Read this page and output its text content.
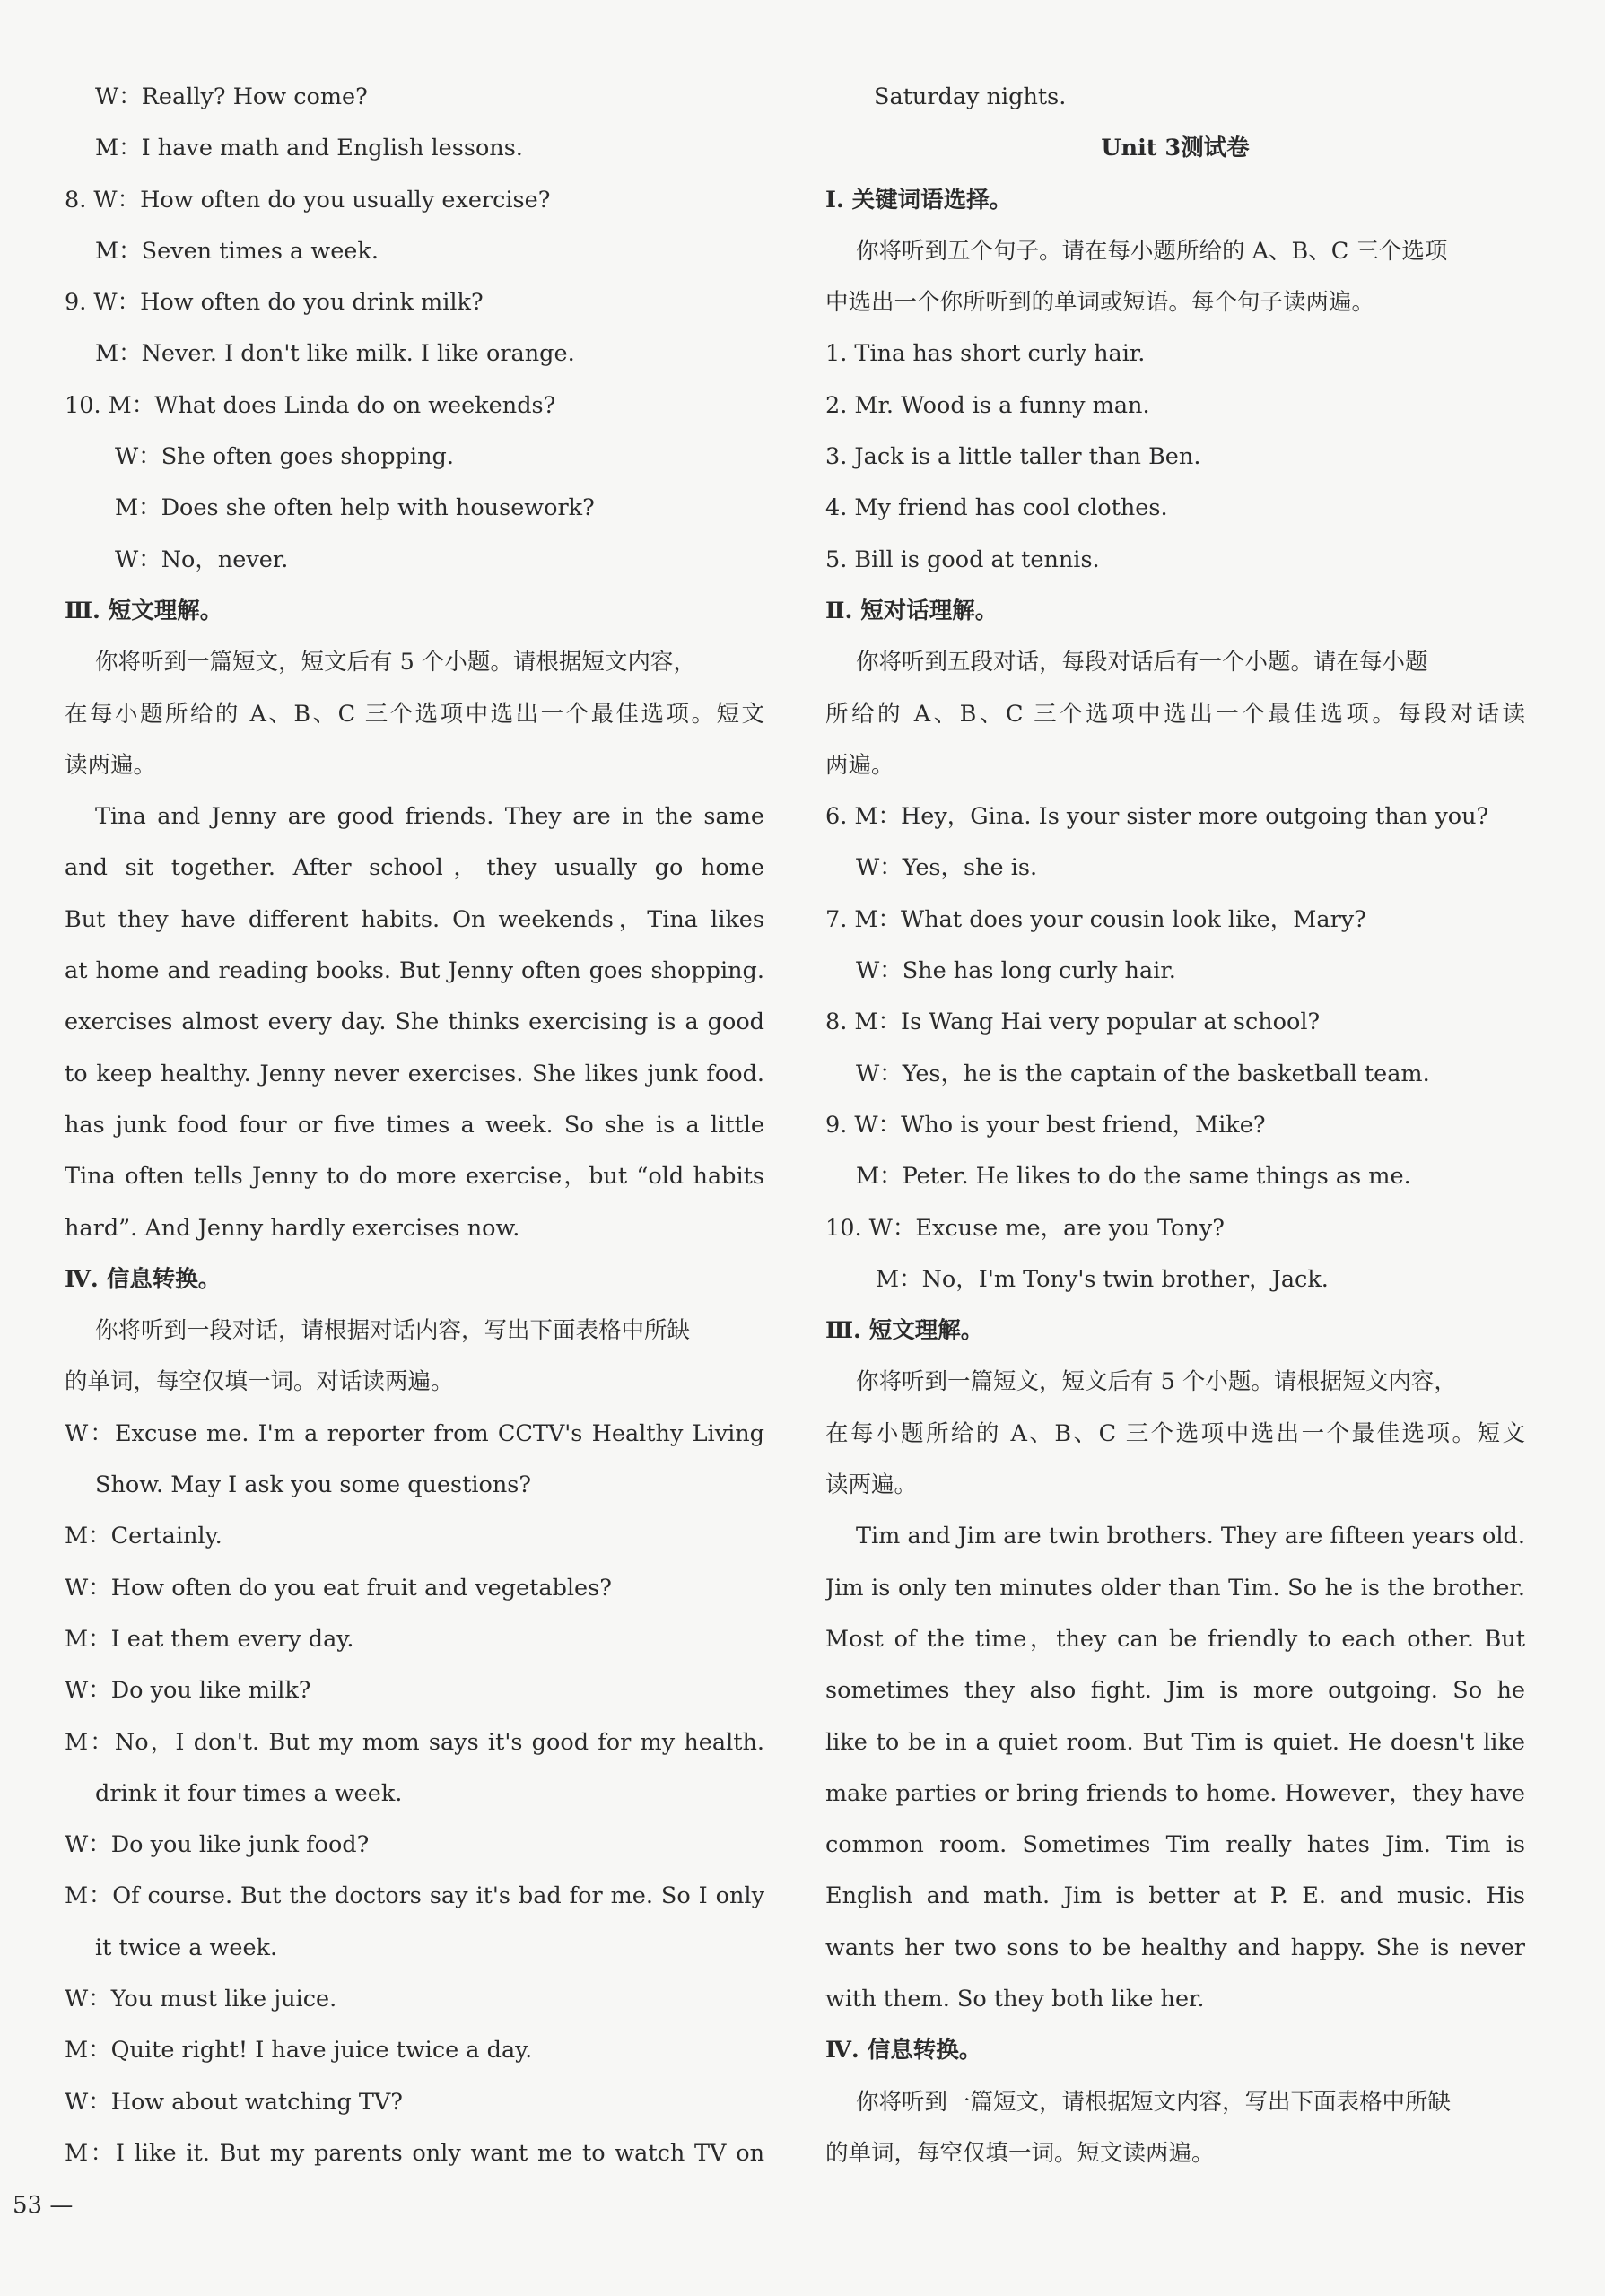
W：Really? How come?
M：I have math and English lessons.
8. W：How often do you usually exercise?
M：Seven times a week.
9. W：How often do you drink milk?
M：Never. I don't like milk. I like orange.
10. M：What does Linda do on weekends?
W：She often goes shopping.
M：Does she often help with housework?
W：No，never.
Ⅲ. 短文理解。
你将听到一篇短文，短文后有 5 个小题。请根据短文内容，
在每小题所给的 A、B、C 三个选项中选出一个最佳选项。短文
读两遍。
Tina and Jenny are good friends. They are in the same
and sit together. After school，they usually go home
But they have different habits. On weekends，Tina likes
at home and reading books. But Jenny often goes shopping.
exercises almost every day. She thinks exercising is a good
to keep healthy. Jenny never exercises. She likes junk food.
has junk food four or five times a week. So she is a little
Tina often tells Jenny to do more exercise，but “old habits
hard”. And Jenny hardly exercises now.
Ⅳ. 信息转换。
你将听到一段对话，请根据对话内容，写出下面表格中所缺
的单词，每空仅填一词。对话读两遍。
W：Excuse me. I'm a reporter from CCTV's Healthy Living
Show. May I ask you some questions?
M：Certainly.
W：How often do you eat fruit and vegetables?
M：I eat them every day.
W：Do you like milk?
M：No，I don't. But my mom says it's good for my health.
drink it four times a week.
W：Do you like junk food?
M：Of course. But the doctors say it's bad for me. So I only
it twice a week.
W：You must like juice.
M：Quite right! I have juice twice a day.
W：How about watching TV?
M：I like it. But my parents only want me to watch TV on
Saturday nights.
Unit 3测试卷
Ⅰ. 关键词语选择。
你将听到五个句子。请在每小题所给的 A、B、C 三个选项
中选出一个你所听到的单词或短语。每个句子读两遍。
1. Tina has short curly hair.
2. Mr. Wood is a funny man.
3. Jack is a little taller than Ben.
4. My friend has cool clothes.
5. Bill is good at tennis.
Ⅱ. 短对话理解。
你将听到五段对话，每段对话后有一个小题。请在每小题
所给的 A、B、C 三个选项中选出一个最佳选项。每段对话读
两遍。
6. M：Hey，Gina. Is your sister more outgoing than you?
W：Yes，she is.
7. M：What does your cousin look like，Mary?
W：She has long curly hair.
8. M：Is Wang Hai very popular at school?
W：Yes，he is the captain of the basketball team.
9. W：Who is your best friend，Mike?
M：Peter. He likes to do the same things as me.
10. W：Excuse me，are you Tony?
M：No，I'm Tony's twin brother，Jack.
Ⅲ. 短文理解。
你将听到一篇短文，短文后有 5 个小题。请根据短文内容，
在每小题所给的 A、B、C 三个选项中选出一个最佳选项。短文
读两遍。
Tim and Jim are twin brothers. They are fifteen years old.
Jim is only ten minutes older than Tim. So he is the brother.
Most of the time，they can be friendly to each other. But
sometimes they also fight. Jim is more outgoing. So he
like to be in a quiet room. But Tim is quiet. He doesn't like
make parties or bring friends to home. However，they have
common room. Sometimes Tim really hates Jim. Tim is
English and math. Jim is better at P. E. and music. His
wants her two sons to be healthy and happy. She is never
with them. So they both like her.
Ⅳ. 信息转换。
你将听到一篇短文，请根据短文内容，写出下面表格中所缺
的单词，每空仅填一词。短文读两遍。
53 —
